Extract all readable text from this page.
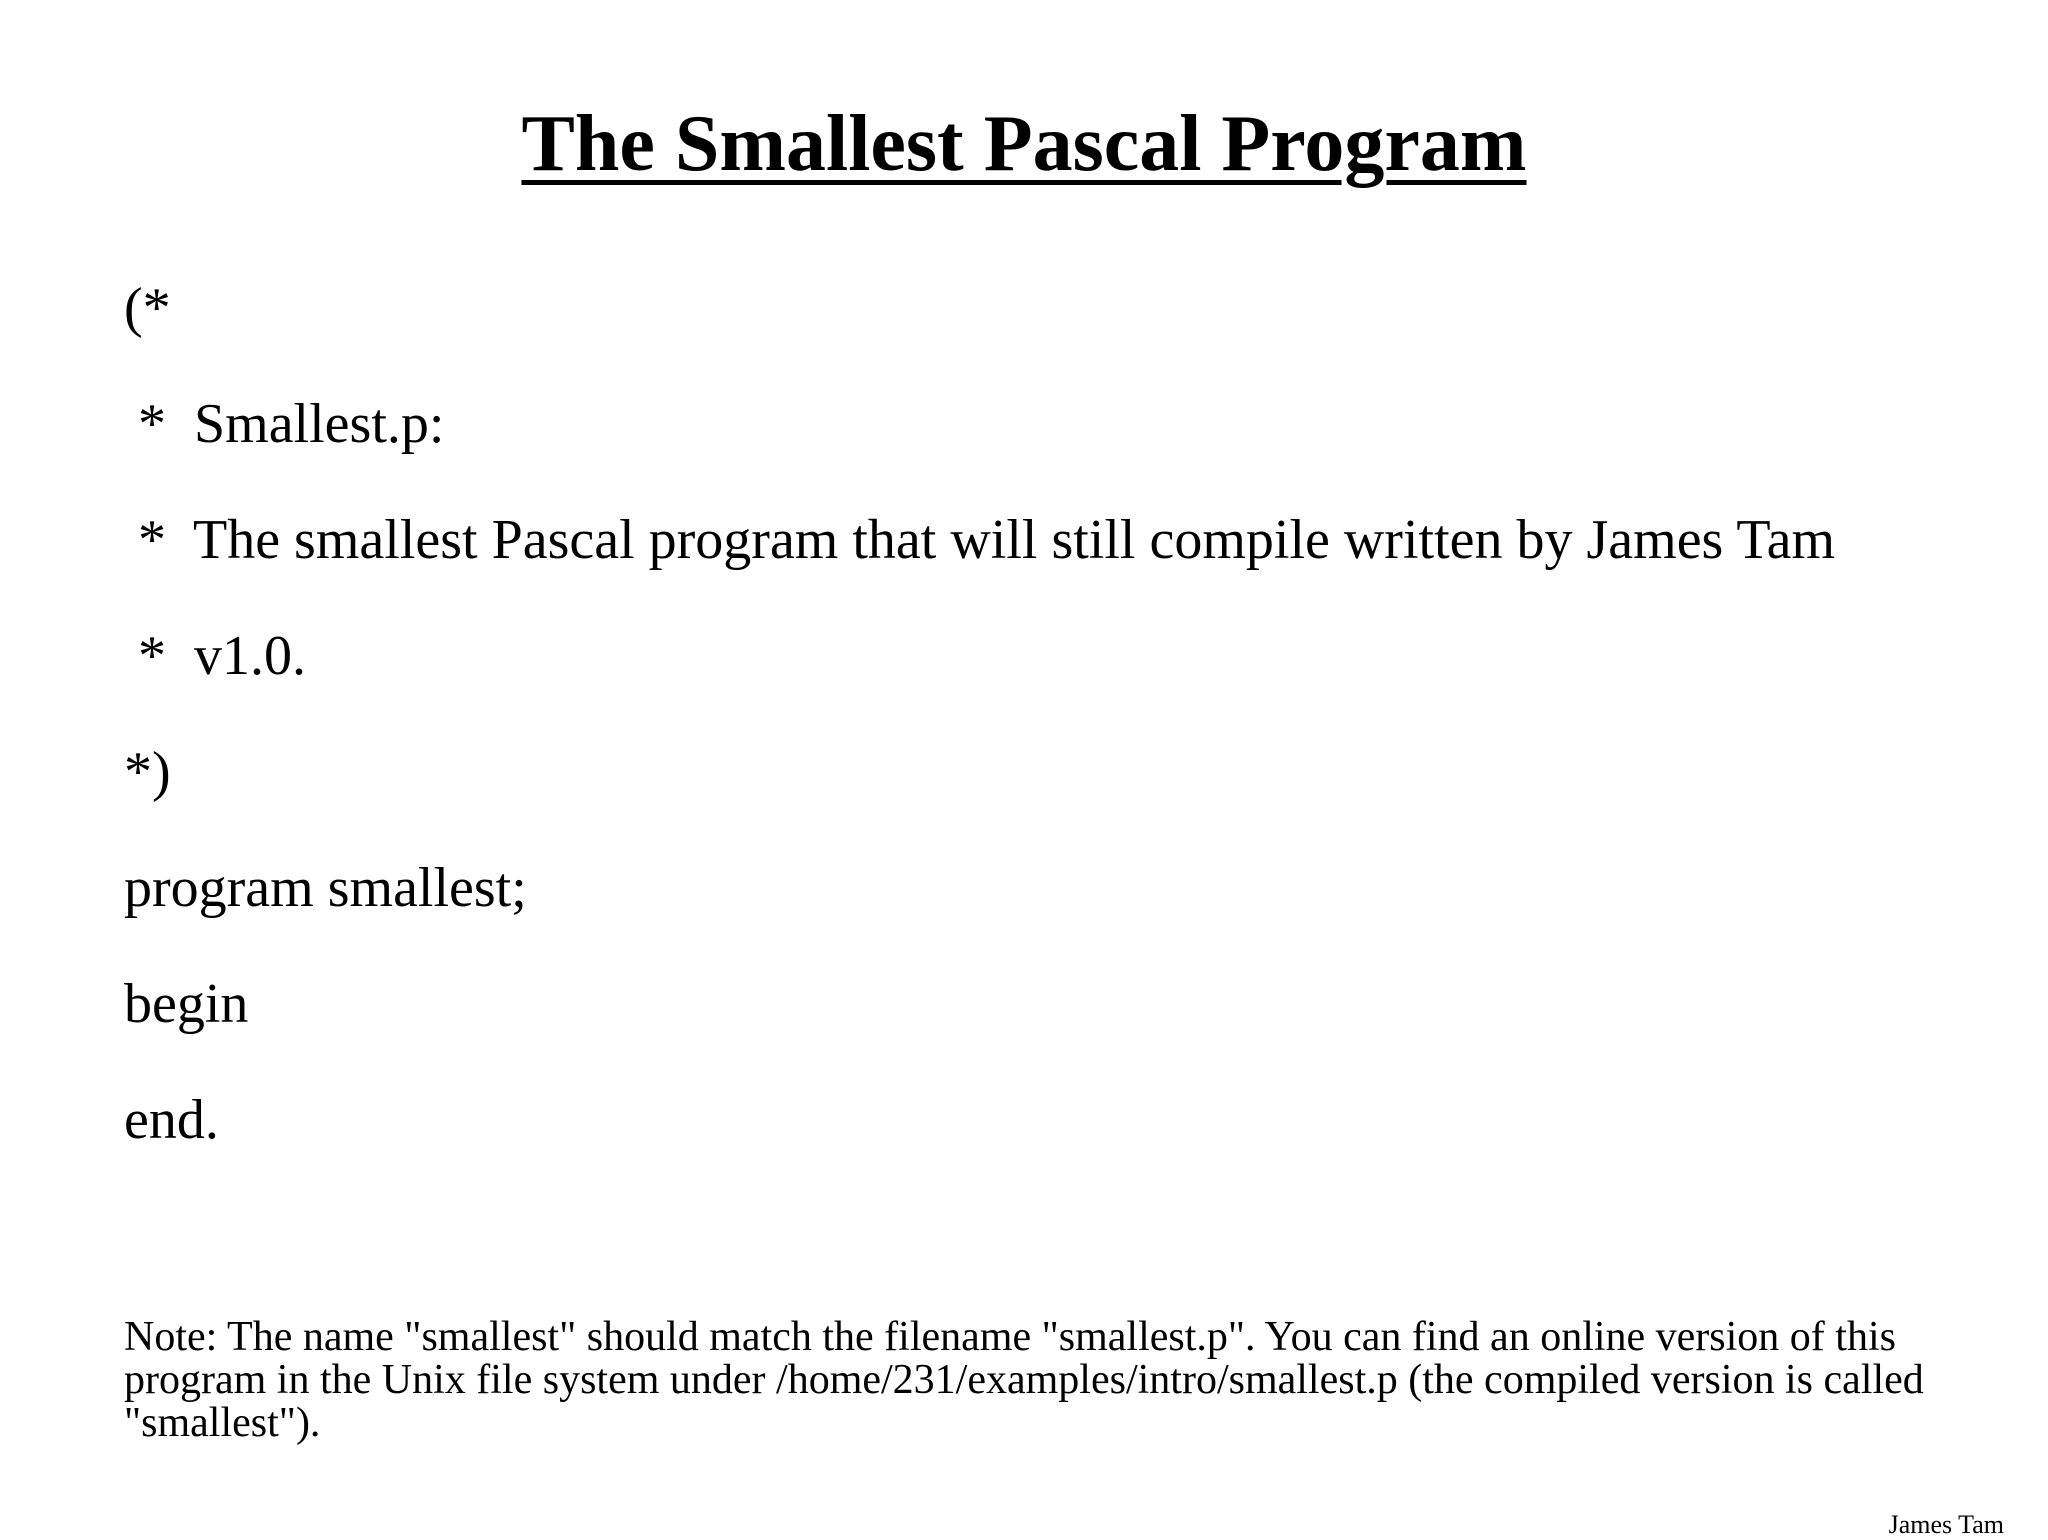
The Smallest Pascal Program

(*

*  Smallest.p:

*  The smallest Pascal program that will still compile written by James Tam

*  v1.0.

*)

program smallest;

begin

end.

Note: The name "smallest" should match the filename "smallest.p". You can find an online version of this program in the Unix file system under /home/231/examples/intro/smallest.p (the compiled version is called "smallest").

James Tam
